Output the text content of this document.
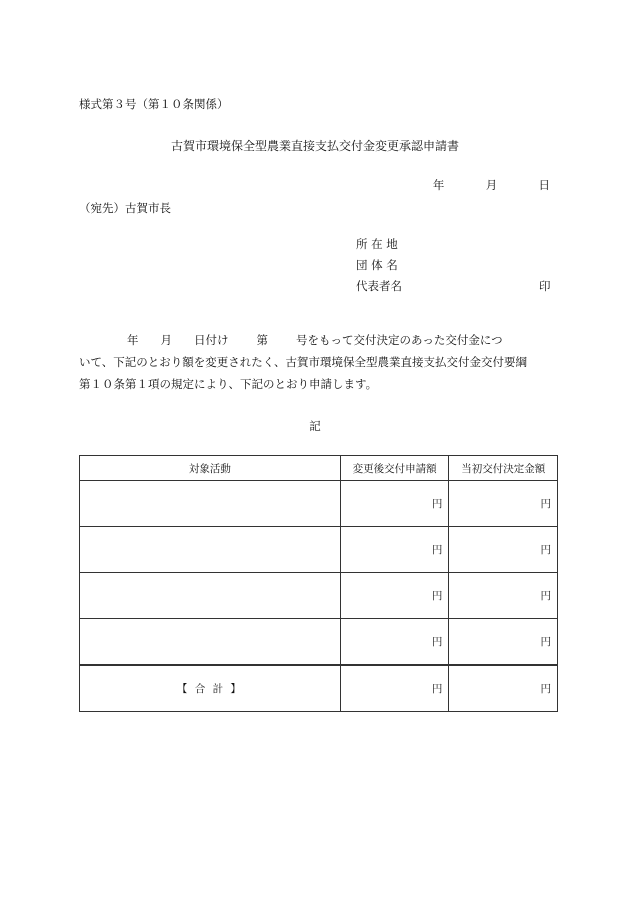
様式第３号（第１０条関係）
古賀市環境保全型農業直接支払交付金変更承認申請書
年	月	日
（宛先）古賀市長
所 在 地
団 体 名
代表者名	印
年 月 日付け 第 号をもって交付決定のあった交付金につ
いて、下記のとおり額を変更されたく、古賀市環境保全型農業直接支払交付金交付要綱
第１０条第１項の規定により、下記のとおり申請します。
記
対象活動	変更後交付申請額	当初交付決定金額
	円	円
	円	円
	円	円
	円	円
【 合 計 】	円	円
